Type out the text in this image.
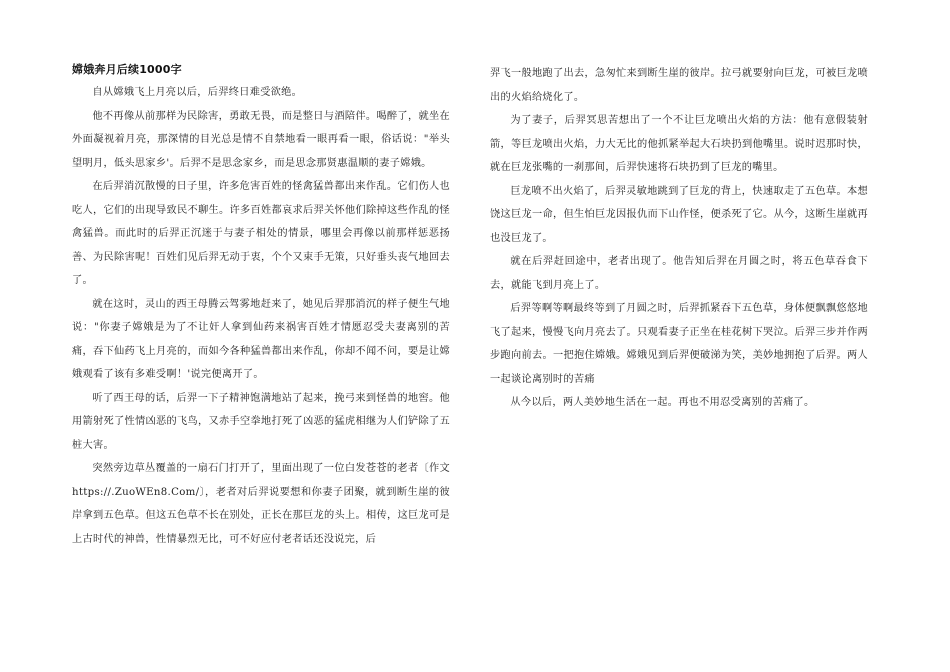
嫦娥奔月后续1000字

自从嫦娥飞上月亮以后，后羿终日难受欲绝。

他不再像从前那样为民除害，勇敢无畏，而是整日与酒陪伴。喝醉了，就坐在外面凝视着月亮，那深情的目光总是情不自禁地看一眼再看一眼，俗话说："举头望明月，低头思家乡'。后羿不是思念家乡，而是思念那贤惠温顺的妻子嫦娥。

在后羿消沉散慢的日子里，许多危害百姓的怪禽猛兽都出来作乱。它们伤人也吃人，它们的出现导致民不聊生。许多百姓都哀求后羿关怀他们除掉这些作乱的怪禽猛兽。而此时的后羿正沉迷于与妻子相处的情景，哪里会再像以前那样惩恶扬善、为民除害呢！百姓们见后羿无动于衷，个个又束手无策，只好垂头丧气地回去了。

就在这时，灵山的西王母腾云驾雾地赶来了，她见后羿那消沉的样子便生气地说："你妻子嫦娥是为了不让奸人拿到仙药来祸害百姓才情愿忍受夫妻离别的苦痛，吞下仙药飞上月亮的，而如今各种猛兽都出来作乱，你却不闻不问，要是让嫦娥观看了该有多难受啊！'说完便离开了。

听了西王母的话，后羿一下子精神饱满地站了起来，挽弓来到怪兽的地窖。他用箭射死了性情凶恶的飞鸟，又赤手空拳地打死了凶恶的猛虎相继为人们铲除了五桩大害。

突然旁边草丛覆盖的一扇石门打开了，里面出现了一位白发苍苍的老者〔作文https://.ZuoWEn8.Com/〕，老者对后羿说要想和你妻子团聚，就到断生崖的彼岸拿到五色草。但这五色草不长在别处，正长在那巨龙的头上。相传，这巨龙可是上古时代的神兽，性情暴烈无比，可不好应付老者话还没说完，后

羿飞一般地跑了出去，急匆忙来到断生崖的彼岸。拉弓就要射向巨龙，可被巨龙喷出的火焰给烧化了。

为了妻子，后羿冥思苦想出了一个不让巨龙喷出火焰的方法：他有意假装射箭，等巨龙喷出火焰，力大无比的他抓紧举起大石块扔到他嘴里。说时迟那时快，就在巨龙张嘴的一刹那间，后羿快速将石块扔到了巨龙的嘴里。

巨龙喷不出火焰了，后羿灵敏地跳到了巨龙的背上，快速取走了五色草。本想饶这巨龙一命，但生怕巨龙因报仇而下山作怪，便杀死了它。从今，这断生崖就再也没巨龙了。

就在后羿赶回途中，老者出现了。他告知后羿在月圆之时，将五色草吞食下去，就能飞到月亮上了。

后羿等啊等啊最终等到了月圆之时，后羿抓紧吞下五色草，身体便飘飘悠悠地飞了起来，慢慢飞向月亮去了。只观看妻子正坐在桂花树下哭泣。后羿三步并作两步跑向前去。一把抱住嫦娥。嫦娥见到后羿便破涕为笑，美妙地拥抱了后羿。两人一起谈论离别时的苦痛

从今以后，两人美妙地生活在一起。再也不用忍受离别的苦痛了。
